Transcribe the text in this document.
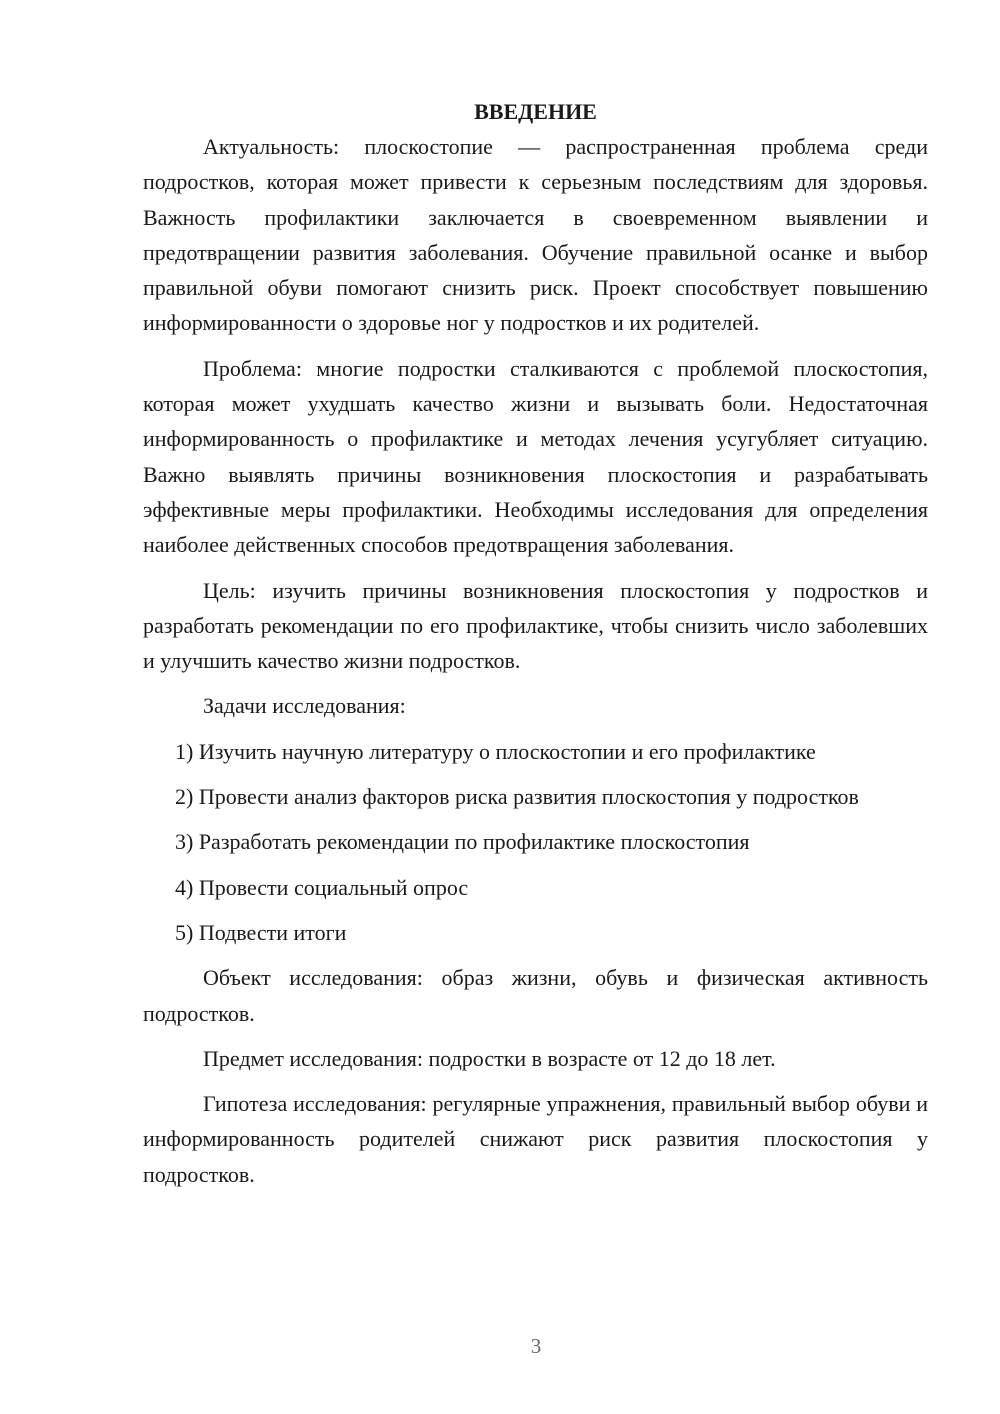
ВВЕДЕНИЕ

Актуальность: плоскостопие — распространенная проблема среди подростков, которая может привести к серьезным последствиям для здоровья. Важность профилактики заключается в своевременном выявлении и предотвращении развития заболевания. Обучение правильной осанке и выбор правильной обуви помогают снизить риск. Проект способствует повышению информированности о здоровье ног у подростков и их родителей.

Проблема: многие подростки сталкиваются с проблемой плоскостопия, которая может ухудшать качество жизни и вызывать боли. Недостаточная информированность о профилактике и методах лечения усугубляет ситуацию. Важно выявлять причины возникновения плоскостопия и разрабатывать эффективные меры профилактики. Необходимы исследования для определения наиболее действенных способов предотвращения заболевания.

Цель: изучить причины возникновения плоскостопия у подростков и разработать рекомендации по его профилактике, чтобы снизить число заболевших и улучшить качество жизни подростков.

Задачи исследования:

1) Изучить научную литературу о плоскостопии и его профилактике

2) Провести анализ факторов риска развития плоскостопия у подростков

3) Разработать рекомендации по профилактике плоскостопия

4) Провести социальный опрос

5) Подвести итоги

Объект исследования: образ жизни, обувь и физическая активность подростков.

Предмет исследования: подростки в возрасте от 12 до 18 лет.

Гипотеза исследования: регулярные упражнения, правильный выбор обуви и информированность родителей снижают риск развития плоскостопия у подростков.

3
